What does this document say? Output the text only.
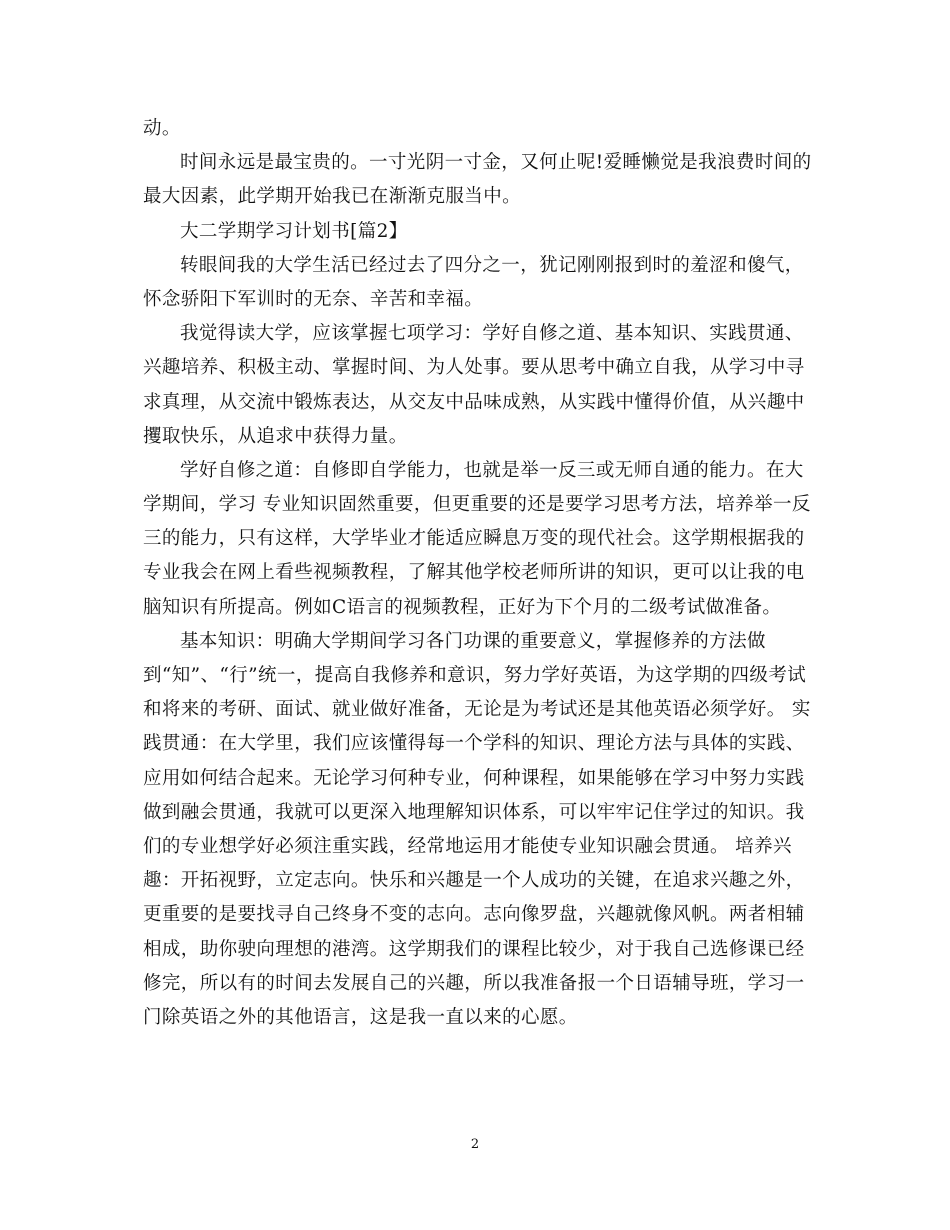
动。
时间永远是最宝贵的。一寸光阴一寸金，又何止呢!爱睡懒觉是我浪费时间的
最大因素，此学期开始我已在渐渐克服当中。
大二学期学习计划书[篇2】
转眼间我的大学生活已经过去了四分之一，犹记刚刚报到时的羞涩和傻气，
怀念骄阳下军训时的无奈、辛苦和幸福。
我觉得读大学，应该掌握七项学习：学好自修之道、基本知识、实践贯通、
兴趣培养、积极主动、掌握时间、为人处事。要从思考中确立自我，从学习中寻
求真理，从交流中锻炼表达，从交友中品味成熟，从实践中懂得价值，从兴趣中
攫取快乐，从追求中获得力量。
学好自修之道：自修即自学能力，也就是举一反三或无师自通的能力。在大
学期间，学习 专业知识固然重要，但更重要的还是要学习思考方法，培养举一反
三的能力，只有这样，大学毕业才能适应瞬息万变的现代社会。这学期根据我的
专业我会在网上看些视频教程，了解其他学校老师所讲的知识，更可以让我的电
脑知识有所提高。例如C语言的视频教程，正好为下个月的二级考试做准备。
基本知识：明确大学期间学习各门功课的重要意义，掌握修养的方法做
到“知”、“行”统一，提高自我修养和意识，努力学好英语，为这学期的四级考试
和将来的考研、面试、就业做好准备，无论是为考试还是其他英语必须学好。 实
践贯通：在大学里，我们应该懂得每一个学科的知识、理论方法与具体的实践、
应用如何结合起来。无论学习何种专业，何种课程，如果能够在学习中努力实践
做到融会贯通，我就可以更深入地理解知识体系，可以牢牢记住学过的知识。我
们的专业想学好必须注重实践，经常地运用才能使专业知识融会贯通。 培养兴
趣：开拓视野，立定志向。快乐和兴趣是一个人成功的关键，在追求兴趣之外，
更重要的是要找寻自己终身不变的志向。志向像罗盘，兴趣就像风帆。两者相辅
相成，助你驶向理想的港湾。这学期我们的课程比较少，对于我自己选修课已经
修完，所以有的时间去发展自己的兴趣，所以我准备报一个日语辅导班，学习一
门除英语之外的其他语言，这是我一直以来的心愿。
2
